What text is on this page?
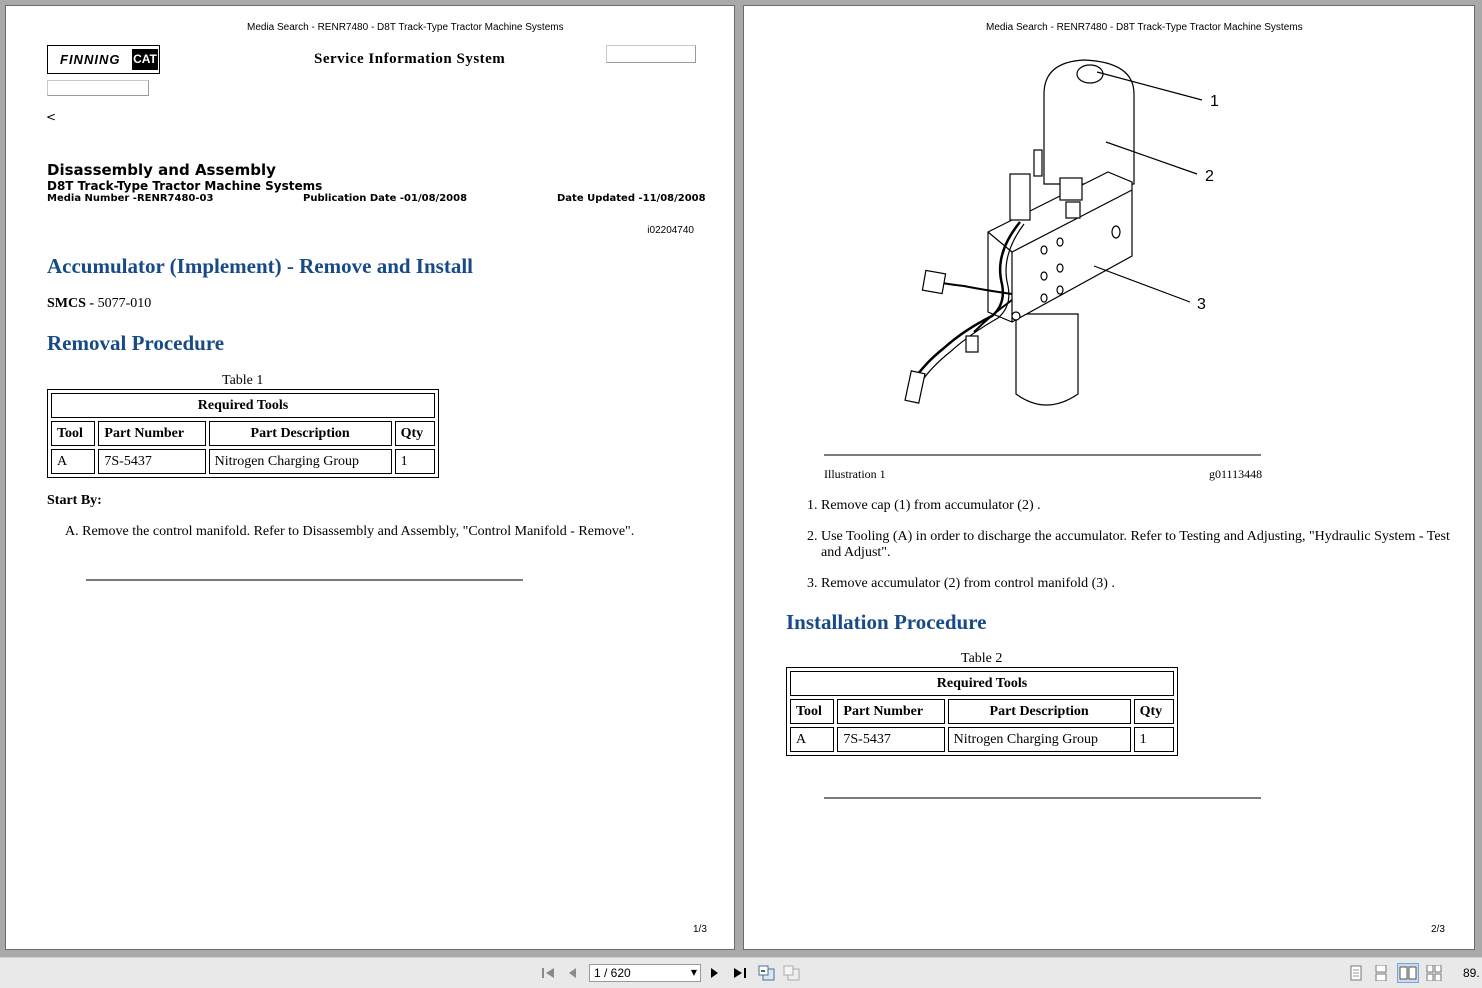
Media Search - RENR7480 - D8T Track-Type Tractor Machine Systems
FINNING CAT	Service Information System
<
Disassembly and Assembly
D8T Track-Type Tractor Machine Systems
Media Number -RENR7480-03	Publication Date -01/08/2008	Date Updated -11/08/2008
i02204740
Accumulator (Implement) - Remove and Install
SMCS - 5077-010
Removal Procedure
Table 1
Required Tools			
Tool	Part Number	Part Description	Qty
A	7S-5437	Nitrogen Charging Group	1
Start By:
A. Remove the control manifold. Refer to Disassembly and Assembly, "Control Manifold - Remove".
1/3
Media Search - RENR7480 - D8T Track-Type Tractor Machine Systems
1
2
3
Illustration 1	g01113448
1. Remove cap (1) from accumulator (2) .
2. Use Tooling (A) in order to discharge the accumulator. Refer to Testing and Adjusting, "Hydraulic System - Test and Adjust".
3. Remove accumulator (2) from control manifold (3) .
Installation Procedure
Table 2
Required Tools			
Tool	Part Number	Part Description	Qty
A	7S-5437	Nitrogen Charging Group	1
2/3
1 / 620	▼	89.
